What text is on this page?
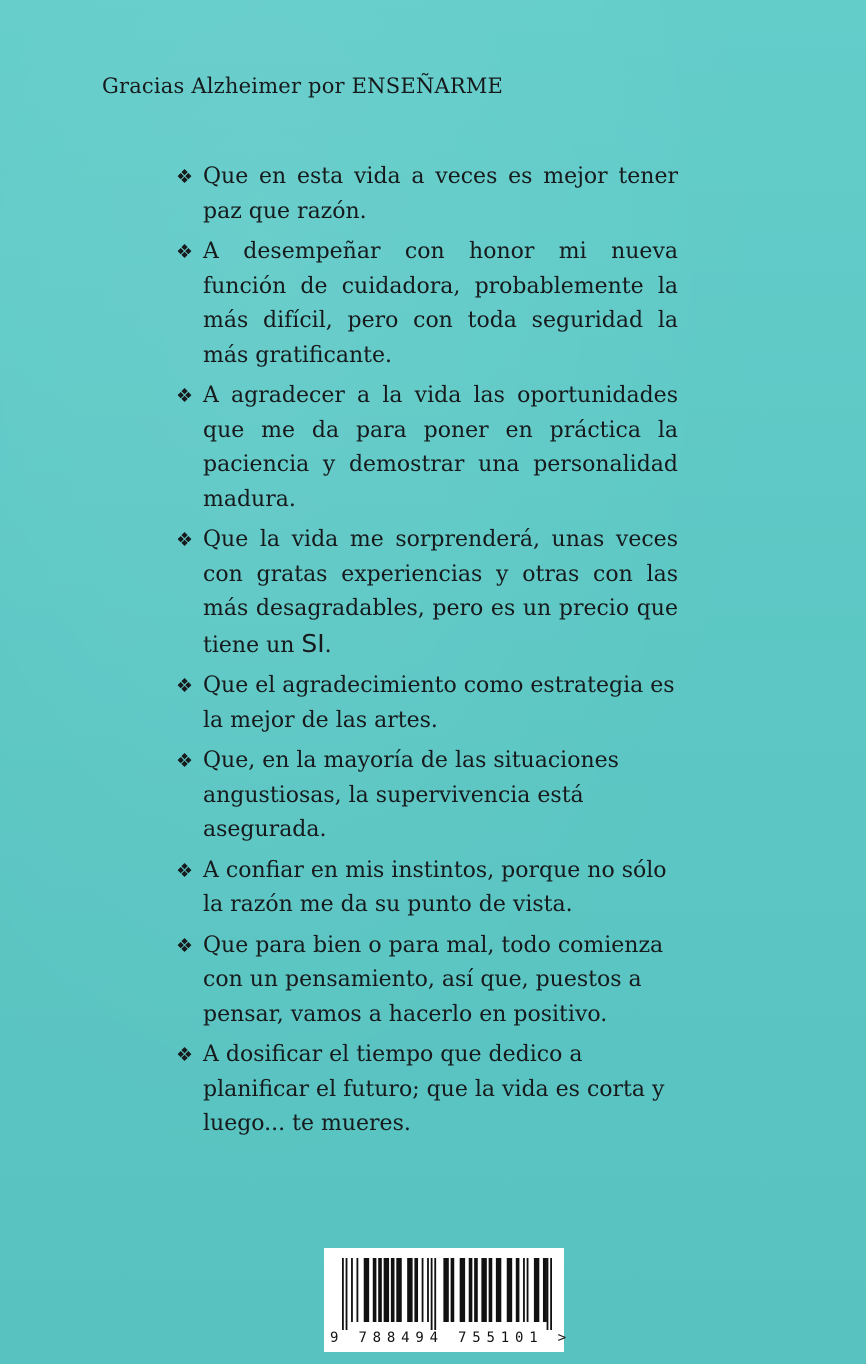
Gracias Alzheimer por ENSEÑARME
❖ Que en esta vida a veces es mejor tener paz que razón.
❖ A desempeñar con honor mi nueva función de cuidadora, probablemente la más difícil, pero con toda seguridad la más gratificante.
❖ A agradecer a la vida las oportunidades que me da para poner en práctica la paciencia y demostrar una personalidad madura.
❖ Que la vida me sorprenderá, unas veces con gratas experiencias y otras con las más desagradables, pero es un precio que tiene un SI.
❖ Que el agradecimiento como estrategia es la mejor de las artes.
❖ Que, en la mayoría de las situaciones angustiosas, la supervivencia está asegurada.
❖ A confiar en mis instintos, porque no sólo la razón me da su punto de vista.
❖ Que para bien o para mal, todo comienza con un pensamiento, así que, puestos a pensar, vamos a hacerlo en positivo.
❖ A dosificar el tiempo que dedico a planificar el futuro; que la vida es corta y luego... te mueres.
9 788494 755101 >
